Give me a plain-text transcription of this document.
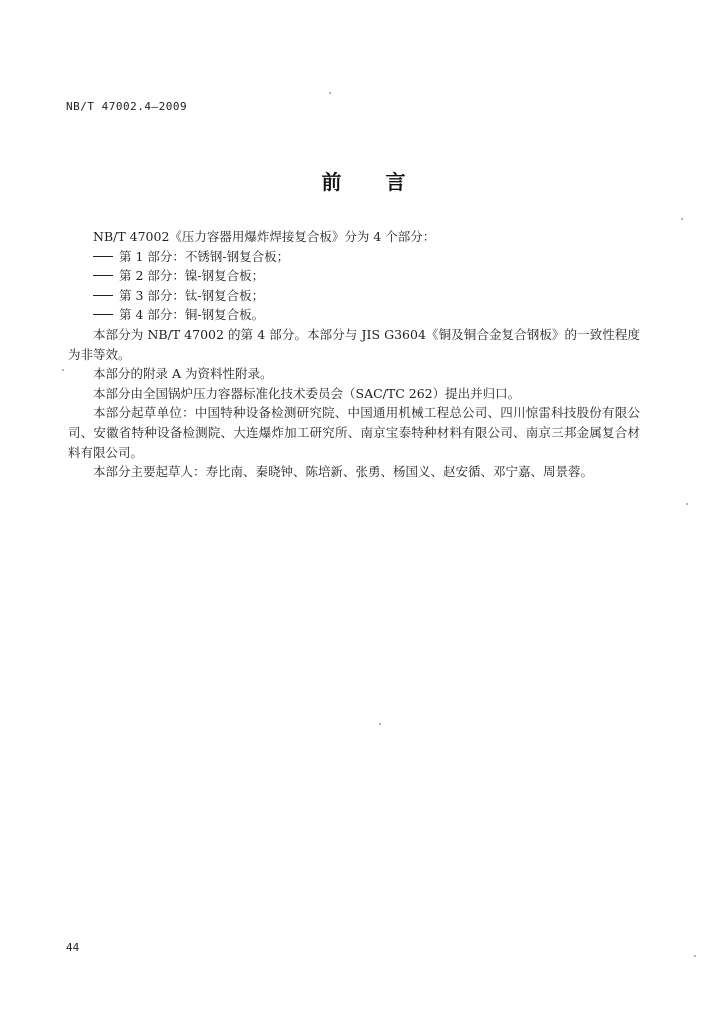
NB/T 47002.4—2009
前言

NB/T 47002《压力容器用爆炸焊接复合板》分为 4 个部分：

第 1 部分：不锈钢-钢复合板；

第 2 部分：镍-钢复合板；

第 3 部分：钛-钢复合板；

第 4 部分：铜-钢复合板。

本部分为 NB/T 47002 的第 4 部分。本部分与 JIS G3604《铜及铜合金复合钢板》的一致性程度为非等效。

本部分的附录 A 为资料性附录。

本部分由全国锅炉压力容器标准化技术委员会（SAC/TC 262）提出并归口。

本部分起草单位：中国特种设备检测研究院、中国通用机械工程总公司、四川惊雷科技股份有限公司、安徽省特种设备检测院、大连爆炸加工研究所、南京宝泰特种材料有限公司、南京三邦金属复合材料有限公司。

本部分主要起草人：寿比南、秦晓钟、陈培新、张勇、杨国义、赵安循、邓宁嘉、周景蓉。

44
